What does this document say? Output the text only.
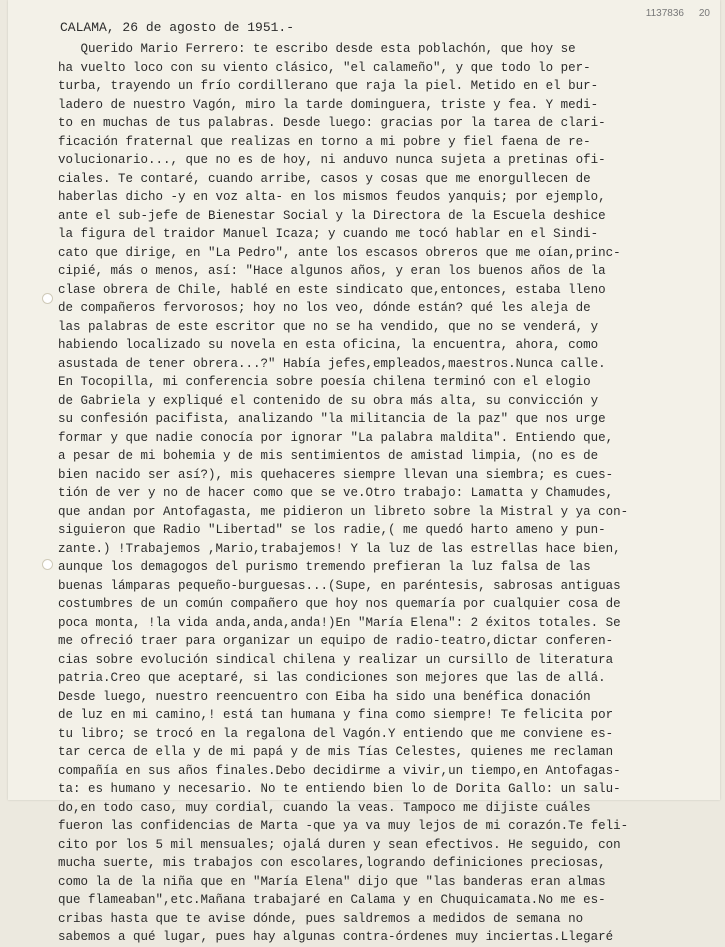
1137836 20
CALAMA, 26 de agosto de 1951.-
Querido Mario Ferrero: te escribo desde esta poblachón, que hoy se
ha vuelto loco con su viento clásico, "el calameño", y que todo lo per-
turba, trayendo un frío cordillerano que raja la piel. Metido en el bur-
ladero de nuestro Vagón, miro la tarde dominguera, triste y fea. Y medi-
to en muchas de tus palabras. Desde luego: gracias por la tarea de clari-
ficación fraternal que realizas en torno a mi pobre y fiel faena de re-
volucionario..., que no es de hoy, ni anduvo nunca sujeta a pretinas ofi-
ciales. Te contaré, cuando arribe, casos y cosas que me enorgullecen de
haberlas dicho -y en voz alta- en los mismos feudos yanquis; por ejemplo,
ante el sub-jefe de Bienestar Social y la Directora de la Escuela deshice
la figura del traidor Manuel Icaza; y cuando me tocó hablar en el Sindi-
cato que dirige, en "La Pedro", ante los escasos obreros que me oían,princ-
cipié, más o menos, así: "Hace algunos años, y eran los buenos años de la
clase obrera de Chile, hablé en este sindicato que,entonces, estaba lleno
de compañeros fervorosos; hoy no los veo, dónde están? qué les aleja de
las palabras de este escritor que no se ha vendido, que no se venderá, y
habiendo localizado su novela en esta oficina, la encuentra, ahora, como
asustada de tener obrera...?" Había jefes,empleados,maestros.Nunca calle.
En Tocopilla, mi conferencia sobre poesía chilena terminó con el elogio
de Gabriela y expliqué el contenido de su obra más alta, su convicción y
su confesión pacifista, analizando "la militancia de la paz" que nos urge
formar y que nadie conocía por ignorar "La palabra maldita". Entiendo que,
a pesar de mi bohemia y de mis sentimientos de amistad limpia, (no es de
bien nacido ser así?), mis quehaceres siempre llevan una siembra; es cues-
tión de ver y no de hacer como que se ve.Otro trabajo: Lamatta y Chamudes,
que andan por Antofagasta, me pidieron un libreto sobre la Mistral y ya con-
siguieron que Radio "Libertad" se los radie,( me quedó harto ameno y pun-
zante.) !Trabajemos ,Mario,trabajemos! Y la luz de las estrellas hace bien,
aunque los demagogos del purismo tremendo prefieran la luz falsa de las
buenas lámparas pequeño-burguesas...(Supe, en paréntesis, sabrosas antiguas
costumbres de un común compañero que hoy nos quemaría por cualquier cosa de
poca monta, !la vida anda,anda,anda!)En "María Elena": 2 éxitos totales. Se
me ofreció traer para organizar un equipo de radio-teatro,dictar conferen-
cias sobre evolución sindical chilena y realizar un cursillo de literatura
patria.Creo que aceptaré, si las condiciones son mejores que las de allá.
Desde luego, nuestro reencuentro con Eiba ha sido una benéfica donación
de luz en mi camino,! está tan humana y fina como siempre! Te felicita por
tu libro; se trocó en la regalona del Vagón.Y entiendo que me conviene es-
tar cerca de ella y de mi papá y de mis Tías Celestes, quienes me reclaman
compañía en sus años finales.Debo decidirme a vivir,un tiempo,en Antofagas-
ta: es humano y necesario. No te entiendo bien lo de Dorita Gallo: un salu-
do,en todo caso, muy cordial, cuando la veas. Tampoco me dijiste cuáles
fueron las confidencias de Marta -que ya va muy lejos de mi corazón.Te feli-
cito por los 5 mil mensuales; ojalá duren y sean efectivos. He seguido, con
mucha suerte, mis trabajos con escolares,logrando definiciones preciosas,
como la de la niña que en "María Elena" dijo que "las banderas eran almas
que flameaban",etc.Mañana trabajaré en Calama y en Chuquicamata.No me es-
cribas hasta que te avise dónde, pues saldremos a medidos de semana no
sabemos a qué lugar, pues hay algunas contra-órdenes muy inciertas.Llegaré
